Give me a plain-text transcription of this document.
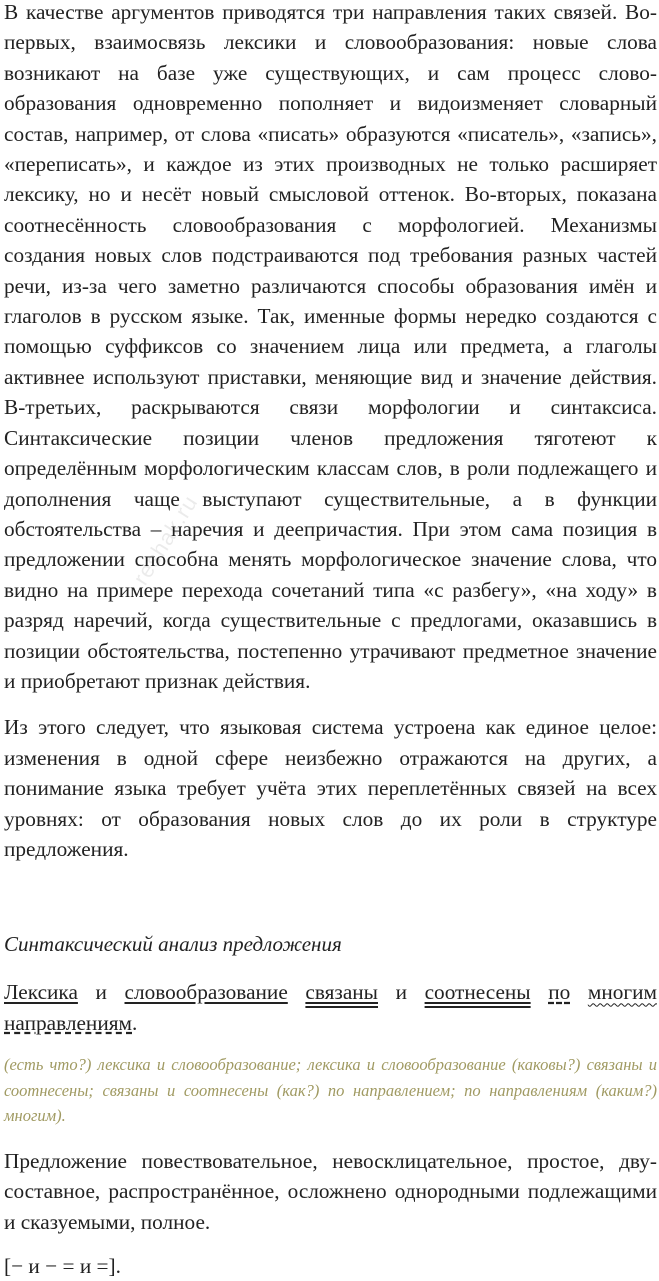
В качестве аргументов приводятся три направления таких связей. Во-первых, взаимосвязь лексики и словообразования: новые слова возникают на базе уже существующих, и сам процесс словообразования одновременно пополняет и видоизменяет словарный состав, например, от слова «писать» образуются «писатель», «запись», «переписать», и каждое из этих производных не только расширяет лексику, но и несёт новый смысловой оттенок. Во-вторых, показана соотнесённость словообразования с морфологией. Механизмы создания новых слов подстраиваются под требования разных частей речи, из-за чего заметно различаются способы образования имён и глаголов в русском языке. Так, именные формы нередко создаются с помощью суффиксов со значением лица или предмета, а глаголы активнее используют приставки, меняющие вид и значение действия. В-третьих, раскрываются связи морфологии и синтаксиса. Синтаксические позиции членов предложения тяготеют к определённым морфологическим классам слов, в роли подлежащего и дополнения чаще выступают существительные, а в функции обстоятельства – наречия и деепричастия. При этом сама позиция в предложении способна менять морфологическое значение слова, что видно на примере перехода сочетаний типа «с разбегу», «на ходу» в разряд наречий, когда существительные с предлогами, оказавшись в позиции обстоятельства, постепенно утрачивают предметное значение и приобретают признак действия.

Из этого следует, что языковая система устроена как единое целое: изменения в одной сфере неизбежно отражаются на других, а понимание языка требует учёта этих переплетённых связей на всех уровнях: от образования новых слов до их роли в структуре предложения.

Синтаксический анализ предложения
Лексика и словообразование связаны и соотнесены по многим направлениям.
(есть что?) лексика и словообразование; лексика и словообразование (каковы?) связаны и соотнесены; связаны и соотнесены (как?) по направлением; по направлениям (каким?) многим).

Предложение повествовательное, невосклицательное, простое, двусоставное, распространённое, осложнено однородными подлежащими и сказуемыми, полное.

[− и − = и =].
reshak.ru
